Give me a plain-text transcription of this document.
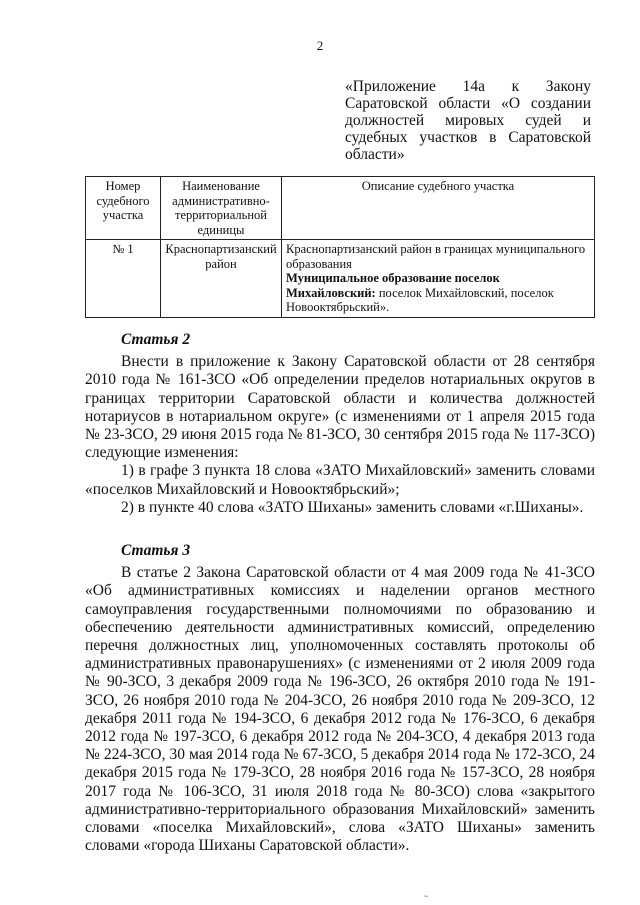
2
«Приложение 14а к Закону Саратовской области «О создании должностей мировых судей и судебных участков в Саратовской области»
Номер судебного участка	Наименование административно-территориальной единицы	Описание судебного участка
№ 1	Краснопартизанский район	Краснопартизанский район в границах муниципального образования
Муниципальное образование поселок Михайловский: поселок Михайловский, поселок Новооктябрьский».
Статья 2

Внести в приложение к Закону Саратовской области от 28 сентября 2010 года № 161-ЗСО «Об определении пределов нотариальных округов в границах территории Саратовской области и количества должностей нотариусов в нотариальном округе» (с изменениями от 1 апреля 2015 года № 23-ЗСО, 29 июня 2015 года № 81-ЗСО, 30 сентября 2015 года № 117-ЗСО) следующие изменения:

1) в графе 3 пункта 18 слова «ЗАТО Михайловский» заменить словами «поселков Михайловский и Новооктябрьский»;

2) в пункте 40 слова «ЗАТО Шиханы» заменить словами «г.Шиханы».

Статья 3

В статье 2 Закона Саратовской области от 4 мая 2009 года № 41-ЗСО «Об административных комиссиях и наделении органов местного самоуправления государственными полномочиями по образованию и обеспечению деятельности административных комиссий, определению перечня должностных лиц, уполномоченных составлять протоколы об административных правонарушениях» (с изменениями от 2 июля 2009 года № 90-ЗСО, 3 декабря 2009 года № 196-ЗСО, 26 октября 2010 года № 191-ЗСО, 26 ноября 2010 года № 204-ЗСО, 26 ноября 2010 года № 209-ЗСО, 12 декабря 2011 года № 194-ЗСО, 6 декабря 2012 года № 176-ЗСО, 6 декабря 2012 года № 197-ЗСО, 6 декабря 2012 года № 204-ЗСО, 4 декабря 2013 года № 224-ЗСО, 30 мая 2014 года № 67-ЗСО, 5 декабря 2014 года № 172-ЗСО, 24 декабря 2015 года № 179-ЗСО, 28 ноября 2016 года № 157-ЗСО, 28 ноября 2017 года № 106-ЗСО, 31 июля 2018 года № 80-ЗСО) слова «закрытого административно-территориального образования Михайловский» заменить словами «поселка Михайловский», слова «ЗАТО Шиханы» заменить словами «города Шиханы Саратовской области».

~
